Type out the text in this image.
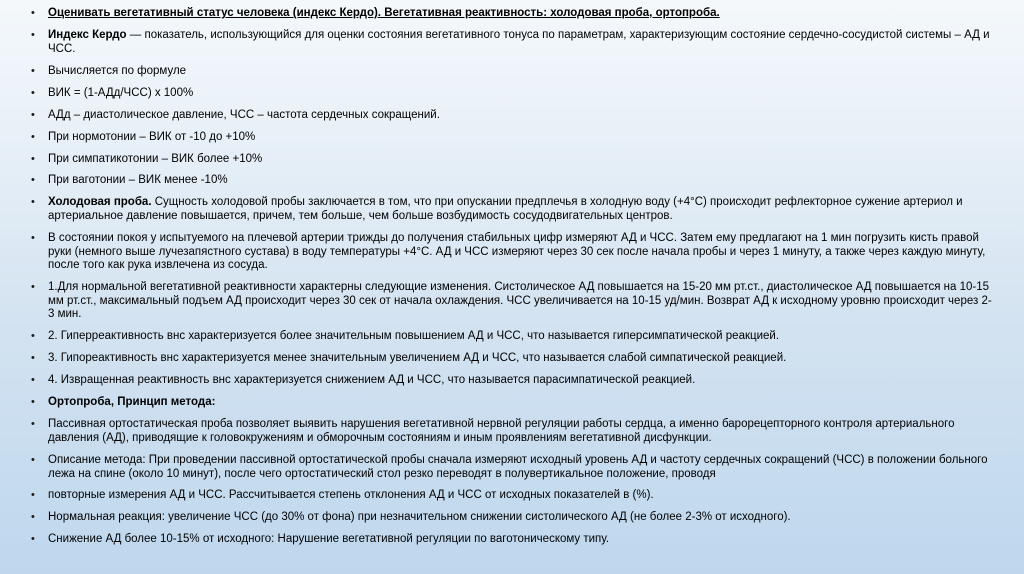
• Оценивать вегетативный статус человека (индекс Кердо). Вегетативная реактивность: холодовая проба, ортопроба.
• Индекс Кердо — показатель, использующийся для оценки состояния вегетативного тонуса по параметрам, характеризующим состояние сердечно-сосудистой системы – АД и ЧСС.
• Вычисляется по формуле
• ВИК = (1-АДд/ЧСС) х 100%
• АДд – диастолическое давление, ЧСС – частота сердечных сокращений.
• При нормотонии – ВИК от -10 до +10%
• При симпатикотонии – ВИК более +10%
• При ваготонии – ВИК менее -10%
• Холодовая проба. Сущность холодовой пробы заключается в том, что при опускании предплечья в холодную воду (+4°С) происходит рефлекторное сужение артериол и артериальное давление повышается, причем, тем больше, чем больше возбудимость сосудодвигательных центров.
• В состоянии покоя у испытуемого на плечевой артерии трижды до получения стабильных цифр измеряют АД и ЧСС. Затем ему предлагают на 1 мин погрузить кисть правой руки (немного выше лучезапястного сустава) в воду температуры +4°С. АД и ЧСС измеряют через 30 сек после начала пробы и через 1 минуту, а также через каждую минуту, после того как рука извлечена из сосуда.
• 1.Для нормальной вегетативной реактивности характерны следующие изменения. Систолическое АД повышается на 15-20 мм рт.ст., диастолическое АД повышается на 10-15 мм рт.ст., максимальный подъем АД происходит через 30 сек от начала охлаждения. ЧСС увеличивается на 10-15 уд/мин. Возврат АД к исходному уровню происходит через 2-3 мин.
• 2. Гиперреактивность внс характеризуется более значительным повышением АД и ЧСС, что называется гиперсимпатической реакцией.
• 3. Гипореактивность внс характеризуется менее значительным увеличением АД и ЧСС, что называется слабой симпатической реакцией.
• 4. Извращенная реактивность внс характеризуется снижением АД и ЧСС, что называется парасимпатической реакцией.
• Ортопроба, Принцип метода:
• Пассивная ортостатическая проба позволяет выявить нарушения вегетативной нервной регуляции работы сердца, а именно барорецепторного контроля артериального давления (АД), приводящие к головокружениям и обморочным состояниям и иным проявлениям вегетативной дисфункции.
• Описание метода: При проведении пассивной ортостатической пробы сначала измеряют исходный уровень АД и частоту сердечных сокращений (ЧСС) в положении больного лежа на спине (около 10 минут), после чего ортостатический стол резко переводят в полувертикальное положение, проводя
• повторные измерения АД и ЧСС. Рассчитывается степень отклонения АД и ЧСС от исходных показателей в (%).
• Нормальная реакция: увеличение ЧСС (до 30% от фона) при незначительном снижении систолического АД (не более 2-3% от исходного).
• Снижение АД более 10-15% от исходного: Нарушение вегетативной регуляции по ваготоническому типу.
